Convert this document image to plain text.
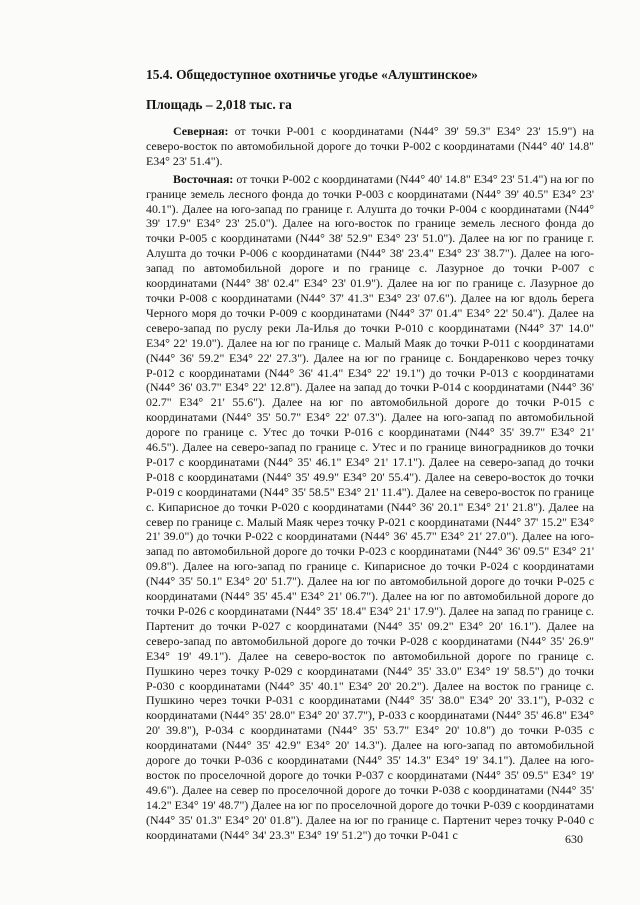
15.4. Общедоступное охотничье угодье «Алуштинское»
Площадь – 2,018 тыс. га

Северная: от точки Р-001 с координатами (N44° 39' 59.3" E34° 23' 15.9") на северо-восток по автомобильной дороге до точки Р-002 с координатами (N44° 40' 14.8" E34° 23' 51.4").

Восточная: от точки Р-002 с координатами (N44° 40' 14.8" E34° 23' 51.4") на юг по границе земель лесного фонда до точки Р-003 с координатами (N44° 39' 40.5" E34° 23' 40.1"). Далее на юго-запад по границе г. Алушта до точки Р-004 с координатами (N44° 39' 17.9" E34° 23' 25.0"). Далее на юго-восток по границе земель лесного фонда до точки Р-005 с координатами (N44° 38' 52.9" E34° 23' 51.0"). Далее на юг по границе г. Алушта до точки Р-006 с координатами (N44° 38' 23.4" E34° 23' 38.7"). Далее на юго-запад по автомобильной дороге и по границе с. Лазурное до точки Р-007 с координатами (N44° 38' 02.4" E34° 23' 01.9"). Далее на юг по границе с. Лазурное до точки Р-008 с координатами (N44° 37' 41.3" E34° 23' 07.6"). Далее на юг вдоль берега Черного моря до точки Р-009 с координатами (N44° 37' 01.4" E34° 22' 50.4"). Далее на северо-запад по руслу реки Ла-Илья до точки Р-010 с координатами (N44° 37' 14.0" E34° 22' 19.0"). Далее на юг по границе с. Малый Маяк до точки Р-011 с координатами (N44° 36' 59.2" E34° 22' 27.3"). Далее на юг по границе с. Бондаренково через точку Р-012 с координатами (N44° 36' 41.4" E34° 22' 19.1") до точки Р-013 с координатами (N44° 36' 03.7" E34° 22' 12.8"). Далее на запад до точки Р-014 с координатами (N44° 36' 02.7" E34° 21' 55.6"). Далее на юг по автомобильной дороге до точки Р-015 с координатами (N44° 35' 50.7" E34° 22' 07.3"). Далее на юго-запад по автомобильной дороге по границе с. Утес до точки Р-016 с координатами (N44° 35' 39.7" E34° 21' 46.5"). Далее на северо-запад по границе с. Утес и по границе виноградников до точки Р-017 с координатами (N44° 35' 46.1" E34° 21' 17.1"). Далее на северо-запад до точки Р-018 с координатами (N44° 35' 49.9" E34° 20' 55.4"). Далее на северо-восток до точки Р-019 с координатами (N44° 35' 58.5" E34° 21' 11.4"). Далее на северо-восток по границе с. Кипарисное до точки Р-020 с координатами (N44° 36' 20.1" E34° 21' 21.8"). Далее на север по границе с. Малый Маяк через точку Р-021 с координатами (N44° 37' 15.2" E34° 21' 39.0") до точки Р-022 с координатами (N44° 36' 45.7" E34° 21' 27.0"). Далее на юго-запад по автомобильной дороге до точки Р-023 с координатами (N44° 36' 09.5" E34° 21' 09.8"). Далее на юго-запад по границе с. Кипарисное до точки Р-024 с координатами (N44° 35' 50.1" E34° 20' 51.7"). Далее на юг по автомобильной дороге до точки Р-025 с координатами (N44° 35' 45.4" E34° 21' 06.7"). Далее на юг по автомобильной дороге до точки Р-026 с координатами (N44° 35' 18.4" E34° 21' 17.9"). Далее на запад по границе с. Партенит до точки Р-027 с координатами (N44° 35' 09.2" E34° 20' 16.1"). Далее на северо-запад по автомобильной дороге до точки Р-028 с координатами (N44° 35' 26.9" E34° 19' 49.1"). Далее на северо-восток по автомобильной дороге по границе с. Пушкино через точку Р-029 с координатами (N44° 35' 33.0" E34° 19' 58.5") до точки Р-030 с координатами (N44° 35' 40.1" E34° 20' 20.2"). Далее на восток по границе с. Пушкино через точки Р-031 с координатами (N44° 35' 38.0" E34° 20' 33.1"), Р-032 с координатами (N44° 35' 28.0" E34° 20' 37.7"), Р-033 с координатами (N44° 35' 46.8" E34° 20' 39.8"), Р-034 с координатами (N44° 35' 53.7" E34° 20' 10.8") до точки Р-035 с координатами (N44° 35' 42.9" E34° 20' 14.3"). Далее на юго-запад по автомобильной дороге до точки Р-036 с координатами (N44° 35' 14.3" E34° 19' 34.1"). Далее на юго-восток по проселочной дороге до точки Р-037 с координатами (N44° 35' 09.5" E34° 19' 49.6"). Далее на север по проселочной дороге до точки Р-038 с координатами (N44° 35' 14.2" E34° 19' 48.7") Далее на юг по проселочной дороге до точки Р-039 с координатами (N44° 35' 01.3" E34° 20' 01.8"). Далее на юг по границе с. Партенит через точку Р-040 с координатами (N44° 34' 23.3" E34° 19' 51.2") до точки Р-041 с	630
